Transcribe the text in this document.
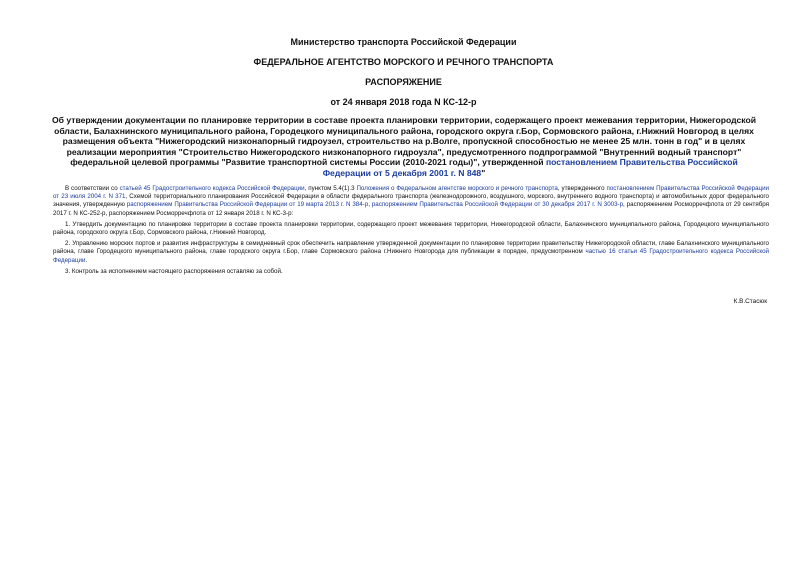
Министерство транспорта Российской Федерации
ФЕДЕРАЛЬНОЕ АГЕНТСТВО МОРСКОГО И РЕЧНОГО ТРАНСПОРТА
РАСПОРЯЖЕНИЕ
от 24 января 2018 года N КС-12-р
Об утверждении документации по планировке территории в составе проекта планировки территории, содержащего проект межевания территории, Нижегородской области, Балахнинского муниципального района, Городецкого муниципального района, городского округа г.Бор, Сормовского района, г.Нижний Новгород в целях размещения объекта "Нижегородский низконапорный гидроузел, строительство на р.Волге, пропускной способностью не менее 25 млн. тонн в год" и в целях реализации мероприятия "Строительство Нижегородского низконапорного гидроузла", предусмотренного подпрограммой "Внутренний водный транспорт" федеральной целевой программы "Развитие транспортной системы России (2010-2021 годы)", утвержденной постановлением Правительства Российской Федерации от 5 декабря 2001 г. N 848"

В соответствии со статьей 45 Градостроительного кодекса Российской Федерации, пунктом 5.4(1).3 Положения о Федеральном агентстве морского и речного транспорта, утвержденного постановлением Правительства Российской Федерации от 23 июля 2004 г. N 371, Схемой территориального планирования Российской Федерации в области федерального транспорта (железнодорожного, воздушного, морского, внутреннего водного транспорта) и автомобильных дорог федерального значения, утвержденную распоряжением Правительства Российской Федерации от 19 марта 2013 г. N 384-р, распоряжением Правительства Российской Федерации от 30 декабря 2017 г. N 3003-р, распоряжением Росморречфлота от 29 сентября 2017 г. N КС-252-р, распоряжением Росморречфлота от 12 января 2018 г. N КС-3-р:

1. Утвердить документацию по планировке территории в составе проекта планировки территории, содержащего проект межевания территории, Нижегородской области, Балахнинского муниципального района, Городецкого муниципального района, городского округа г.Бор, Сормовского района, г.Нижний Новгород.

2. Управлению морских портов и развития инфраструктуры в семидневный срок обеспечить направление утвержденной документации по планировке территории правительству Нижегородской области, главе Балахнинского муниципального района, главе Городецкого муниципального района, главе городского округа г.Бор, главе Сормовского района г.Нижнего Новгорода для публикации в порядке, предусмотренном частью 16 статьи 45 Градостроительного кодекса Российской Федерации.

3. Контроль за исполнением настоящего распоряжения оставляю за собой.

К.В.Стасюк
